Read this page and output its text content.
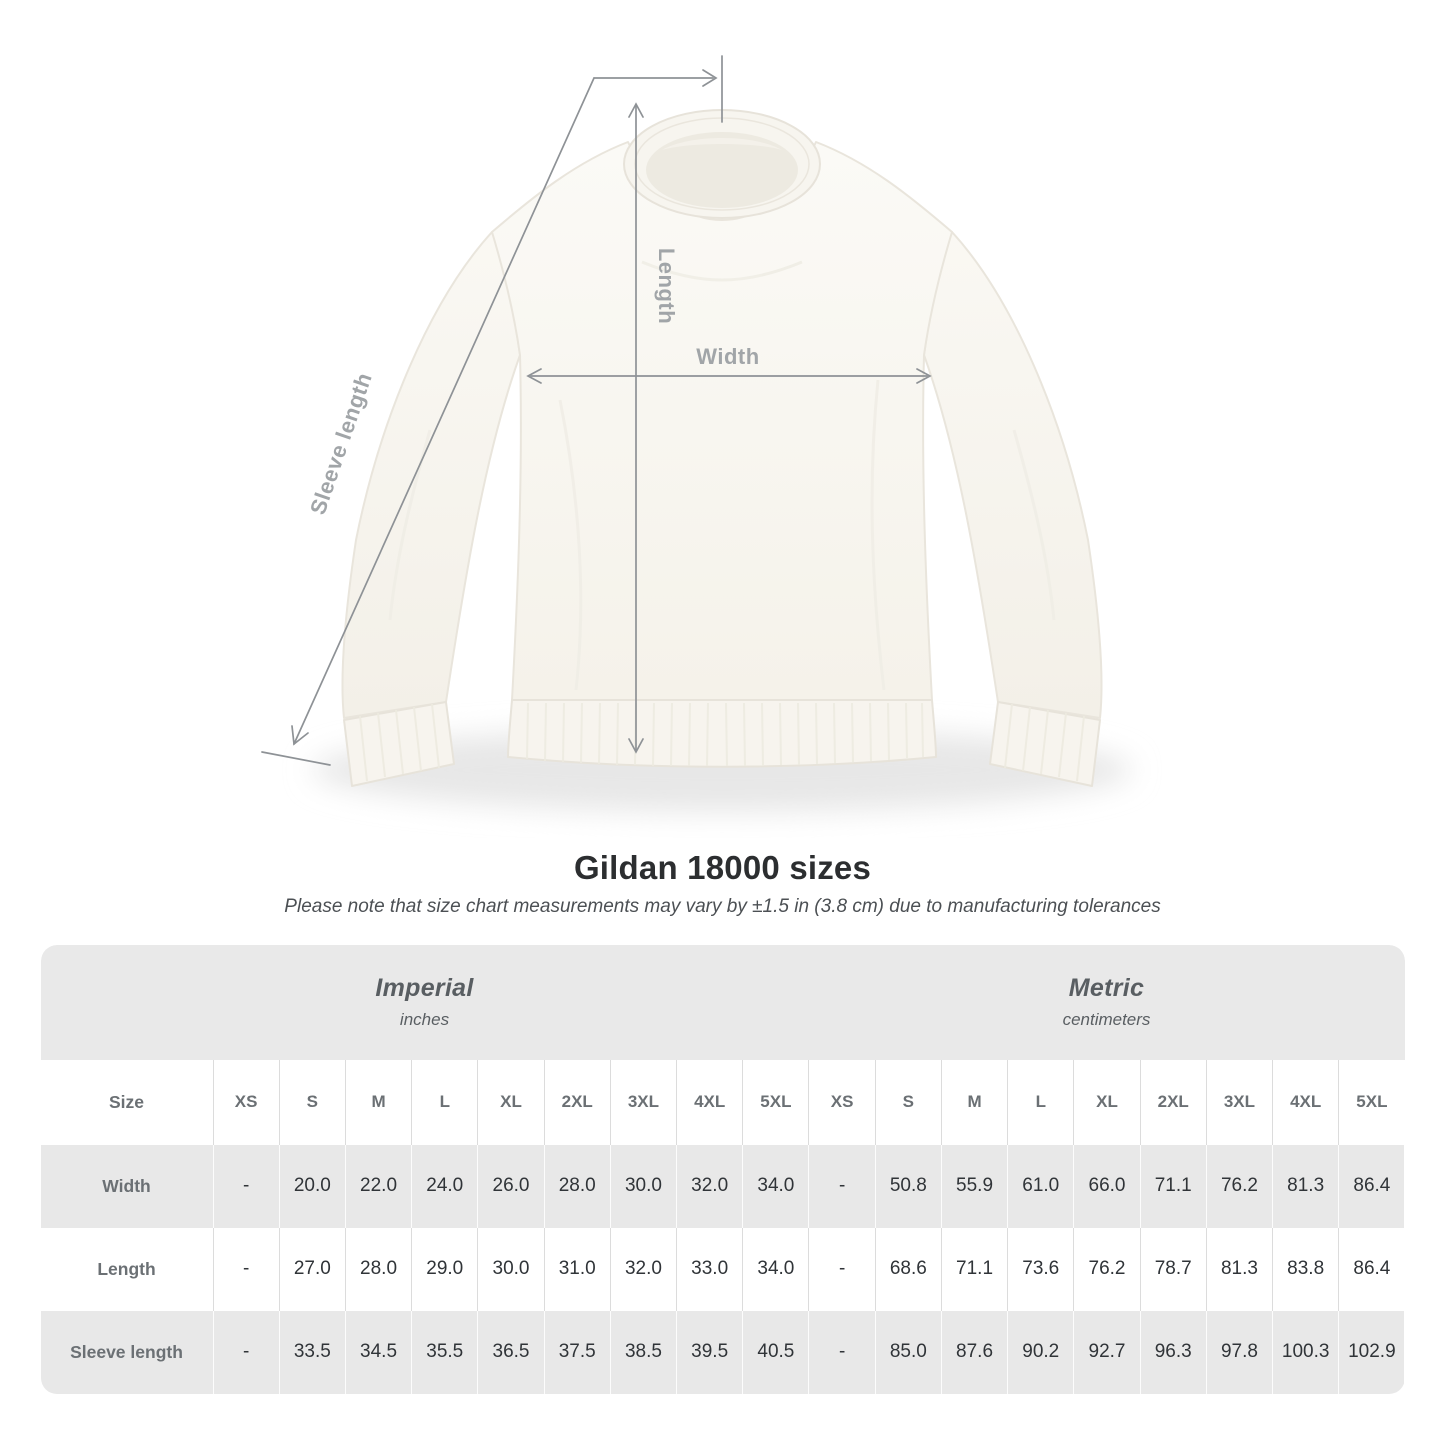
Length
Width
Sleeve length
Gildan 18000 sizes

Please note that size chart measurements may vary by ±1.5 in (3.8 cm) due to manufacturing tolerances

Imperial
inches
Metric
centimeters
Size	XS	S	M	L	XL	2XL	3XL	4XL	5XL	XS	S	M	L	XL	2XL	3XL	4XL	5XL
Width	-	20.0	22.0	24.0	26.0	28.0	30.0	32.0	34.0	-	50.8	55.9	61.0	66.0	71.1	76.2	81.3	86.4
Length	-	27.0	28.0	29.0	30.0	31.0	32.0	33.0	34.0	-	68.6	71.1	73.6	76.2	78.7	81.3	83.8	86.4
Sleeve length	-	33.5	34.5	35.5	36.5	37.5	38.5	39.5	40.5	-	85.0	87.6	90.2	92.7	96.3	97.8	100.3 102.9
